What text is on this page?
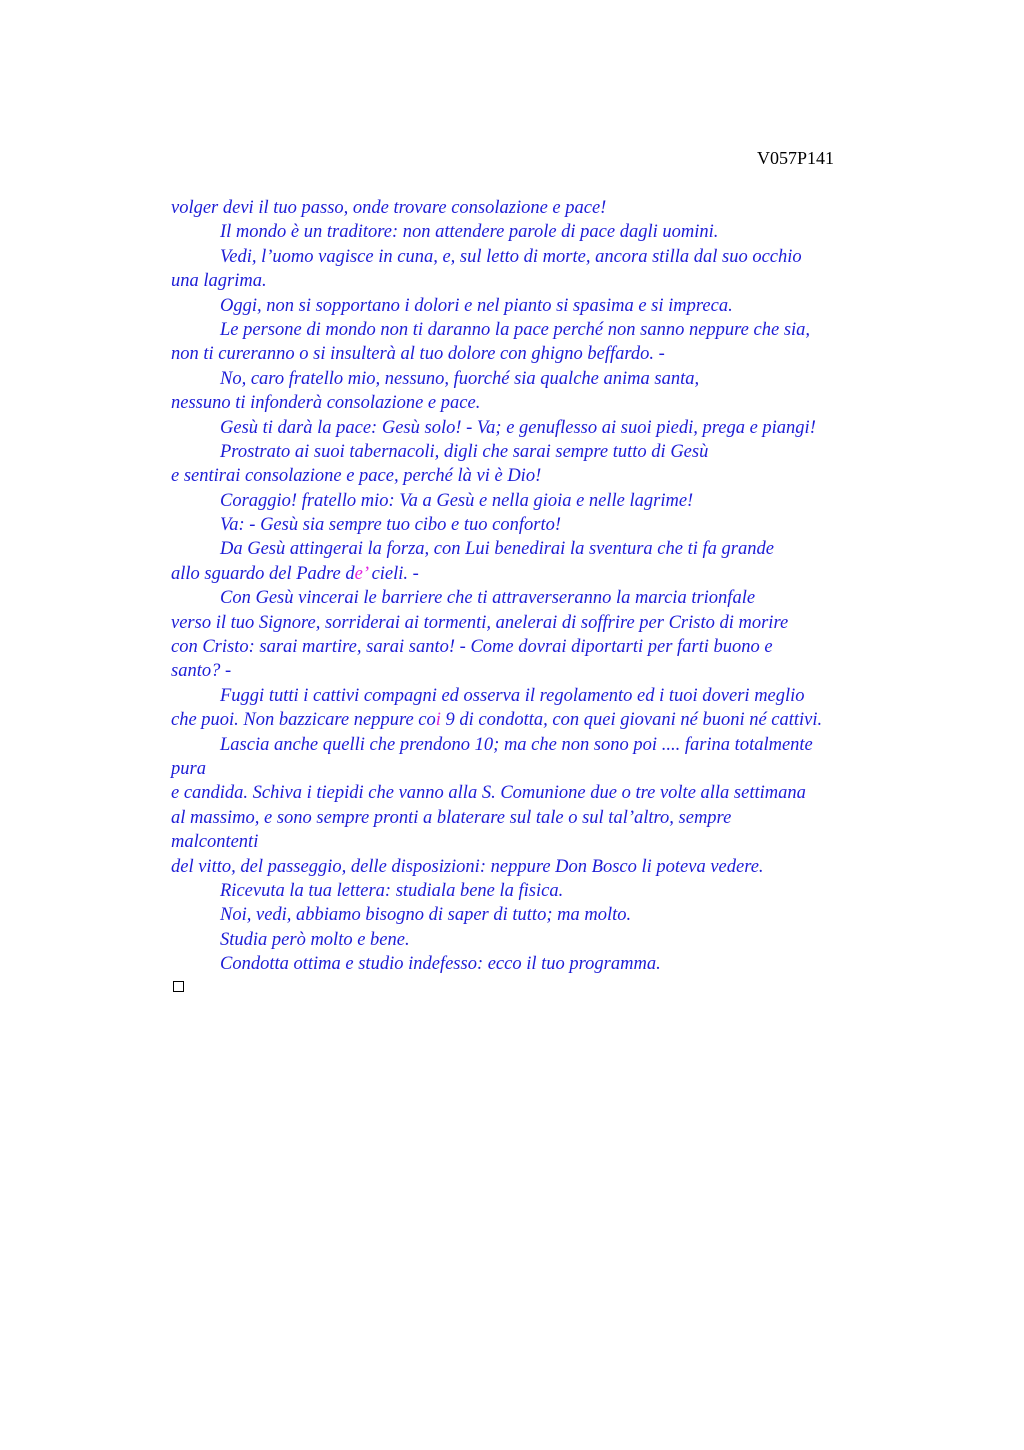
V057P141
volger devi il tuo passo, onde trovare consolazione e pace!
Il mondo è un traditore: non attendere parole di pace dagli uomini.
Vedi, l’uomo vagisce in cuna, e, sul letto di morte, ancora stilla dal suo occhio
una lagrima.
Oggi, non si sopportano i dolori e nel pianto si spasima e si impreca.
Le persone di mondo non ti daranno la pace perché non sanno neppure che sia,
non ti cureranno o si insulterà al tuo dolore con ghigno beffardo. -
No, caro fratello mio, nessuno, fuorché sia qualche anima santa,
nessuno ti infonderà consolazione e pace.
Gesù ti darà la pace: Gesù solo! - Va; e genuflesso ai suoi piedi, prega e piangi!
Prostrato ai suoi tabernacoli, digli che sarai sempre tutto di Gesù
e sentirai consolazione e pace, perché là vi è Dio!
Coraggio! fratello mio: Va a Gesù e nella gioia e nelle lagrime!
Va: - Gesù sia sempre tuo cibo e tuo conforto!
Da Gesù attingerai la forza, con Lui benedirai la sventura che ti fa grande
allo sguardo del Padre de’ cieli. -
Con Gesù vincerai le barriere che ti attraverseranno la marcia trionfale
verso il tuo Signore, sorriderai ai tormenti, anelerai di soffrire per Cristo di morire
con Cristo: sarai martire, sarai santo! - Come dovrai diportarti per farti buono e
santo? -
Fuggi tutti i cattivi compagni ed osserva il regolamento ed i tuoi doveri meglio
che puoi. Non bazzicare neppure coi 9 di condotta, con quei giovani né buoni né cattivi.
Lascia anche quelli che prendono 10; ma che non sono poi .... farina totalmente
pura
e candida. Schiva i tiepidi che vanno alla S. Comunione due o tre volte alla settimana
al massimo, e sono sempre pronti a blaterare sul tale o sul tal’altro, sempre
malcontenti
del vitto, del passeggio, delle disposizioni: neppure Don Bosco li poteva vedere.
Ricevuta la tua lettera: studiala bene la fisica.
Noi, vedi, abbiamo bisogno di saper di tutto; ma molto.
Studia però molto e bene.
Condotta ottima e studio indefesso: ecco il tuo programma.
